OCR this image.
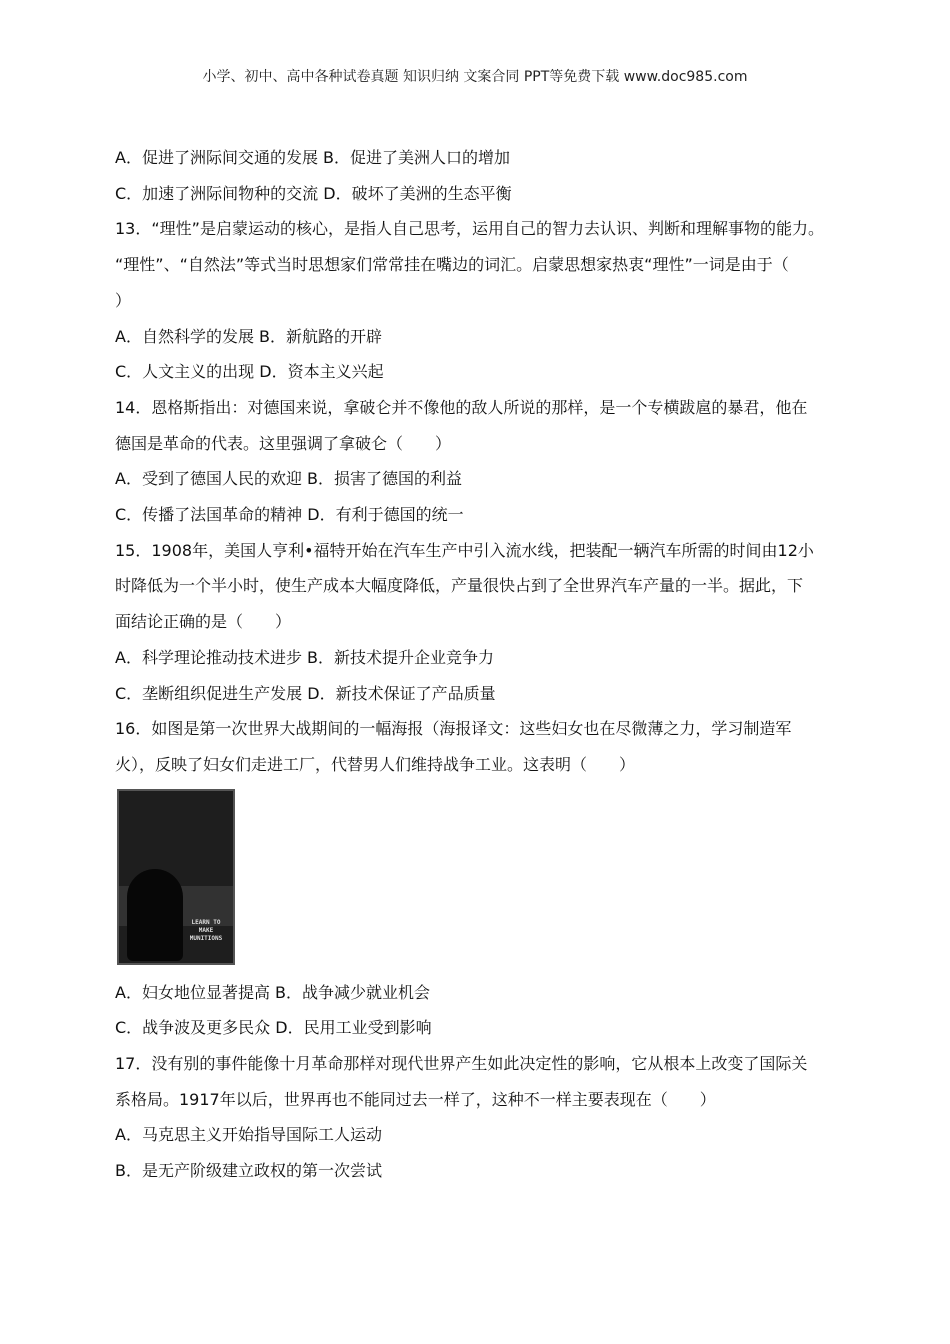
小学、初中、高中各种试卷真题 知识归纳 文案合同 PPT等免费下载 www.doc985.com
A．促进了洲际间交通的发展 B．促进了美洲人口的增加
C．加速了洲际间物种的交流 D．破坏了美洲的生态平衡
13．“理性”是启蒙运动的核心，是指人自己思考，运用自己的智力去认识、判断和理解事物的能力。
“理性”、“自然法”等式当时思想家们常常挂在嘴边的词汇。启蒙思想家热衷“理性”一词是由于（
）
A．自然科学的发展 B．新航路的开辟
C．人文主义的出现 D．资本主义兴起
14．恩格斯指出：对德国来说，拿破仑并不像他的敌人所说的那样，是一个专横跋扈的暴君，他在
德国是革命的代表。这里强调了拿破仑（　　）
A．受到了德国人民的欢迎 B．损害了德国的利益
C．传播了法国革命的精神 D．有利于德国的统一
15．1908年，美国人亨利•福特开始在汽车生产中引入流水线，把装配一辆汽车所需的时间由12小
时降低为一个半小时，使生产成本大幅度降低，产量很快占到了全世界汽车产量的一半。据此，下
面结论正确的是（　　）
A．科学理论推动技术进步 B．新技术提升企业竞争力
C．垄断组织促进生产发展 D．新技术保证了产品质量
16．如图是第一次世界大战期间的一幅海报（海报译文：这些妇女也在尽微薄之力，学习制造军
火），反映了妇女们走进工厂，代替男人们维持战争工业。这表明（　　）
LEARN TO MAKE MUNITIONS
A．妇女地位显著提高 B．战争减少就业机会
C．战争波及更多民众 D．民用工业受到影响
17．没有别的事件能像十月革命那样对现代世界产生如此决定性的影响，它从根本上改变了国际关
系格局。1917年以后，世界再也不能同过去一样了，这种不一样主要表现在（　　）
A．马克思主义开始指导国际工人运动
B．是无产阶级建立政权的第一次尝试
